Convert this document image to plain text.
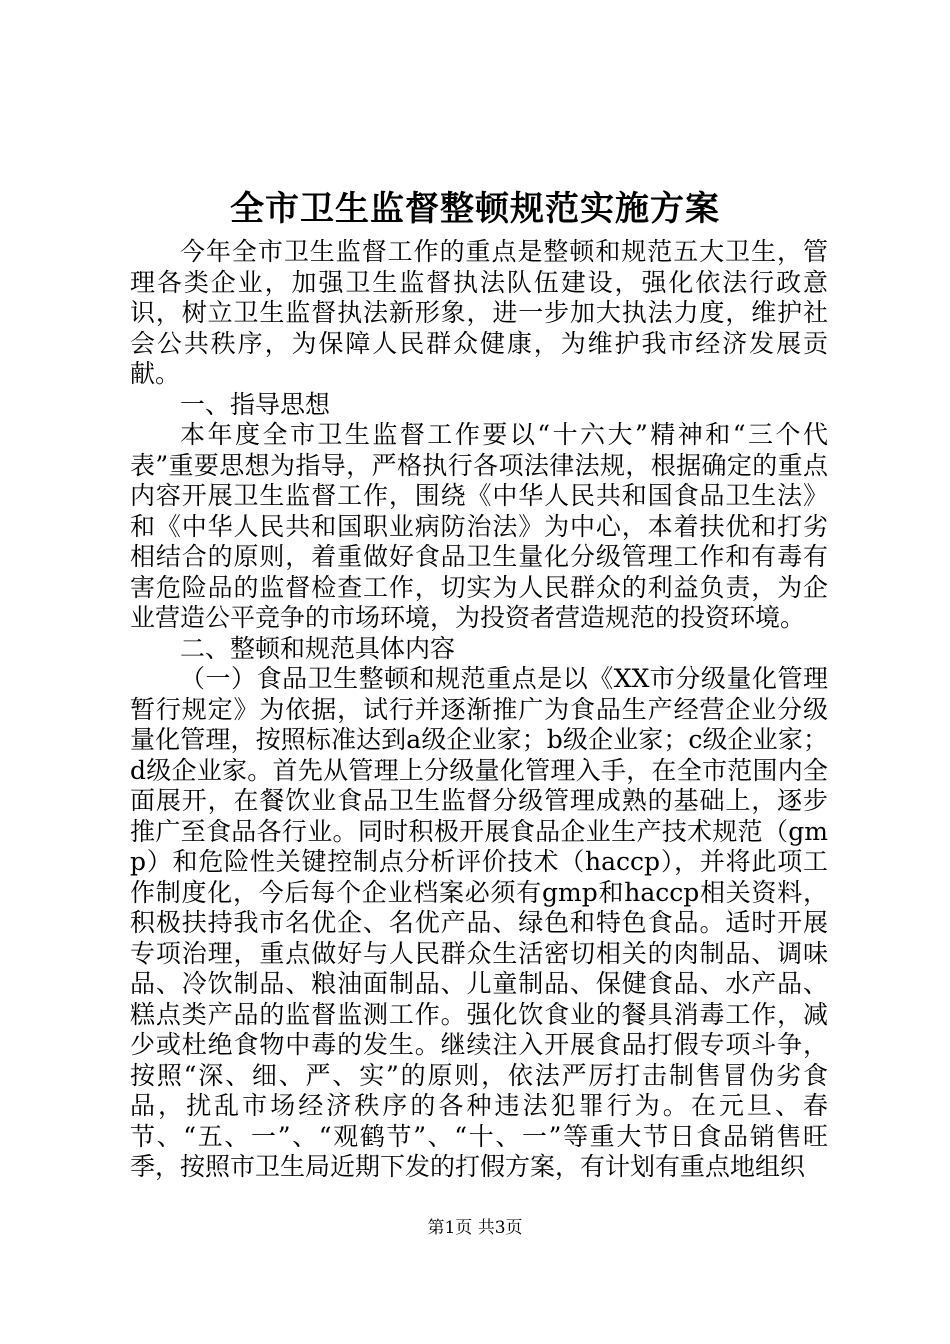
全市卫生监督整顿规范实施方案

今年全市卫生监督工作的重点是整顿和规范五大卫生，管理各类企业，加强卫生监督执法队伍建设，强化依法行政意识，树立卫生监督执法新形象，进一步加大执法力度，维护社会公共秩序，为保障人民群众健康，为维护我市经济发展贡献。

一、指导思想

本年度全市卫生监督工作要以“十六大”精神和“三个代表”重要思想为指导，严格执行各项法律法规，根据确定的重点内容开展卫生监督工作，围绕《中华人民共和国食品卫生法》和《中华人民共和国职业病防治法》为中心，本着扶优和打劣相结合的原则，着重做好食品卫生量化分级管理工作和有毒有害危险品的监督检查工作，切实为人民群众的利益负责，为企业营造公平竞争的市场环境，为投资者营造规范的投资环境。

二、整顿和规范具体内容

（一）食品卫生整顿和规范重点是以《XX市分级量化管理暂行规定》为依据，试行并逐渐推广为食品生产经营企业分级量化管理，按照标准达到a级企业家；b级企业家；c级企业家；d级企业家。首先从管理上分级量化管理入手，在全市范围内全面展开，在餐饮业食品卫生监督分级管理成熟的基础上，逐步推广至食品各行业。同时积极开展食品企业生产技术规范（gmp）和危险性关键控制点分析评价技术（haccp），并将此项工作制度化，今后每个企业档案必须有gmp和haccp相关资料，积极扶持我市名优企、名优产品、绿色和特色食品。适时开展专项治理，重点做好与人民群众生活密切相关的肉制品、调味品、冷饮制品、粮油面制品、儿童制品、保健食品、水产品、糕点类产品的监督监测工作。强化饮食业的餐具消毒工作，减少或杜绝食物中毒的发生。继续注入开展食品打假专项斗争，按照“深、细、严、实”的原则，依法严厉打击制售冒伪劣食品，扰乱市场经济秩序的各种违法犯罪行为。在元旦、春节、“五、一”、“观鹤节”、“十、一”等重大节日食品销售旺季，按照市卫生局近期下发的打假方案，有计划有重点地组织

第1页 共3页
